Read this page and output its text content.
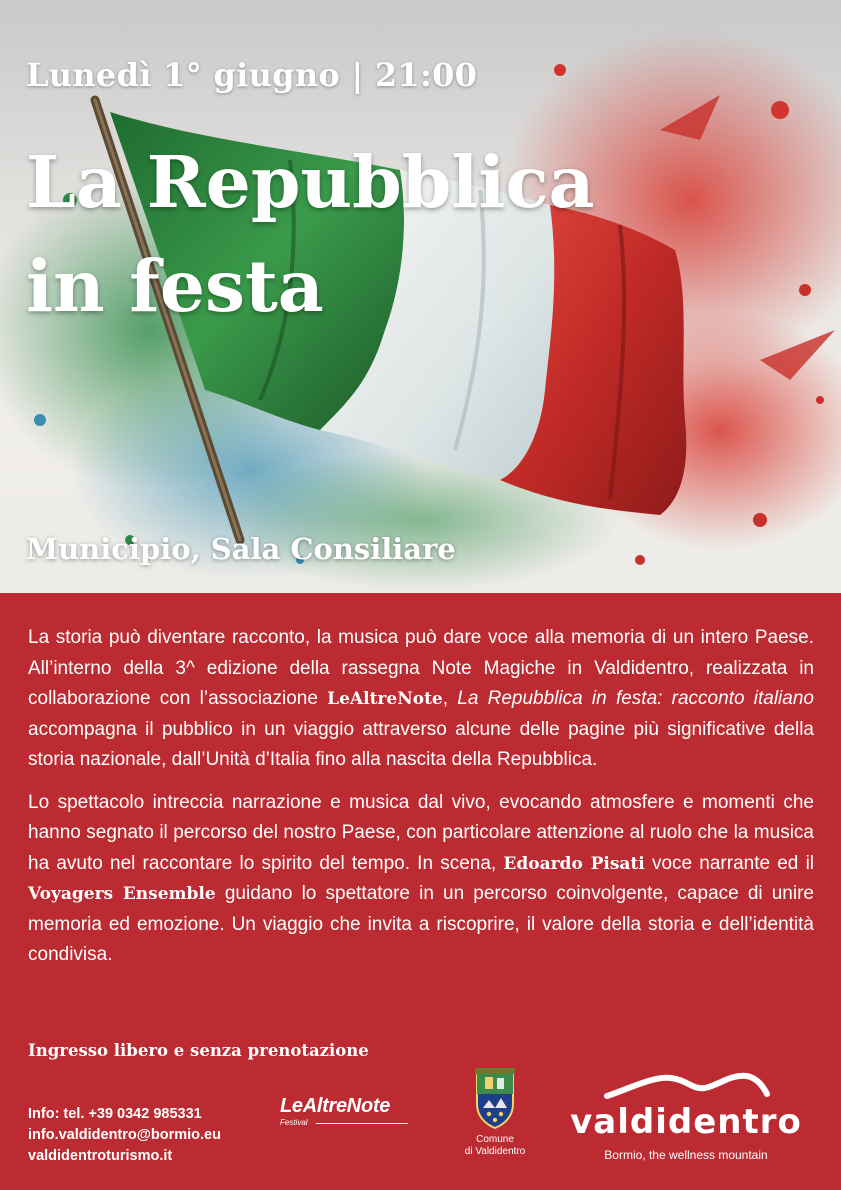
Lunedì 1° giugno | 21:00

La Repubblica
in festa

Municipio, Sala Consiliare

La storia può diventare racconto, la musica può dare voce alla memoria di un intero Paese. All’interno della 3^ edizione della rassegna Note Magiche in Valdidentro, realizzata in collaborazione con l’associazione LeAltreNote, La Repubblica in festa: racconto italiano accompagna il pubblico in un viaggio attraverso alcune delle pagine più significative della storia nazionale, dall’Unità d’Italia fino alla nascita della Repubblica.

Lo spettacolo intreccia narrazione e musica dal vivo, evocando atmosfere e momenti che hanno segnato il percorso del nostro Paese, con particolare attenzione al ruolo che la musica ha avuto nel raccontare lo spirito del tempo. In scena, Edoardo Pisati voce narrante ed il Voyagers Ensemble guidano lo spettatore in un percorso coinvolgente, capace di unire memoria ed emozione. Un viaggio che invita a riscoprire, il valore della storia e dell’identità condivisa.

Ingresso libero e senza prenotazione

Info: tel. +39 0342 985331
info.valdidentro@bormio.eu
valdidentroturismo.it
LeAltreNote
Festival
Comune
di Valdidentro
valdidentro
Bormio, the wellness mountain
